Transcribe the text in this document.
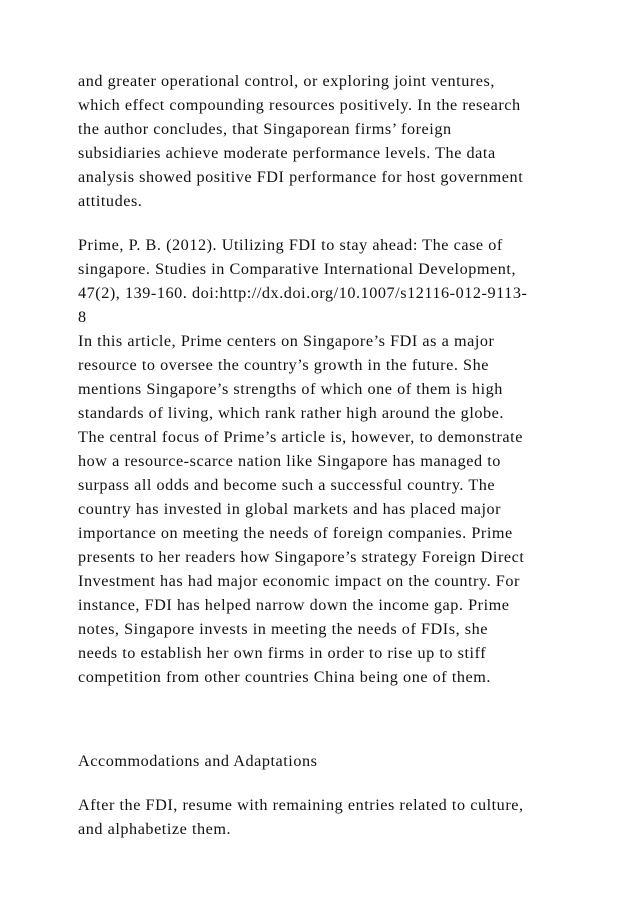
and greater operational control, or exploring joint ventures,
which effect compounding resources positively. In the research
the author concludes, that Singaporean firms’ foreign
subsidiaries achieve moderate performance levels. The data
analysis showed positive FDI performance for host government
attitudes.
Prime, P. B. (2012). Utilizing FDI to stay ahead: The case of
singapore. Studies in Comparative International Development,
47(2), 139-160. doi:http://dx.doi.org/10.1007/s12116-012-9113-
8
In this article, Prime centers on Singapore’s FDI as a major
resource to oversee the country’s growth in the future. She
mentions Singapore’s strengths of which one of them is high
standards of living, which rank rather high around the globe.
The central focus of Prime’s article is, however, to demonstrate
how a resource-scarce nation like Singapore has managed to
surpass all odds and become such a successful country. The
country has invested in global markets and has placed major
importance on meeting the needs of foreign companies. Prime
presents to her readers how Singapore’s strategy Foreign Direct
Investment has had major economic impact on the country. For
instance, FDI has helped narrow down the income gap. Prime
notes, Singapore invests in meeting the needs of FDIs, she
needs to establish her own firms in order to rise up to stiff
competition from other countries China being one of them.
Accommodations and Adaptations
After the FDI, resume with remaining entries related to culture,
and alphabetize them.
